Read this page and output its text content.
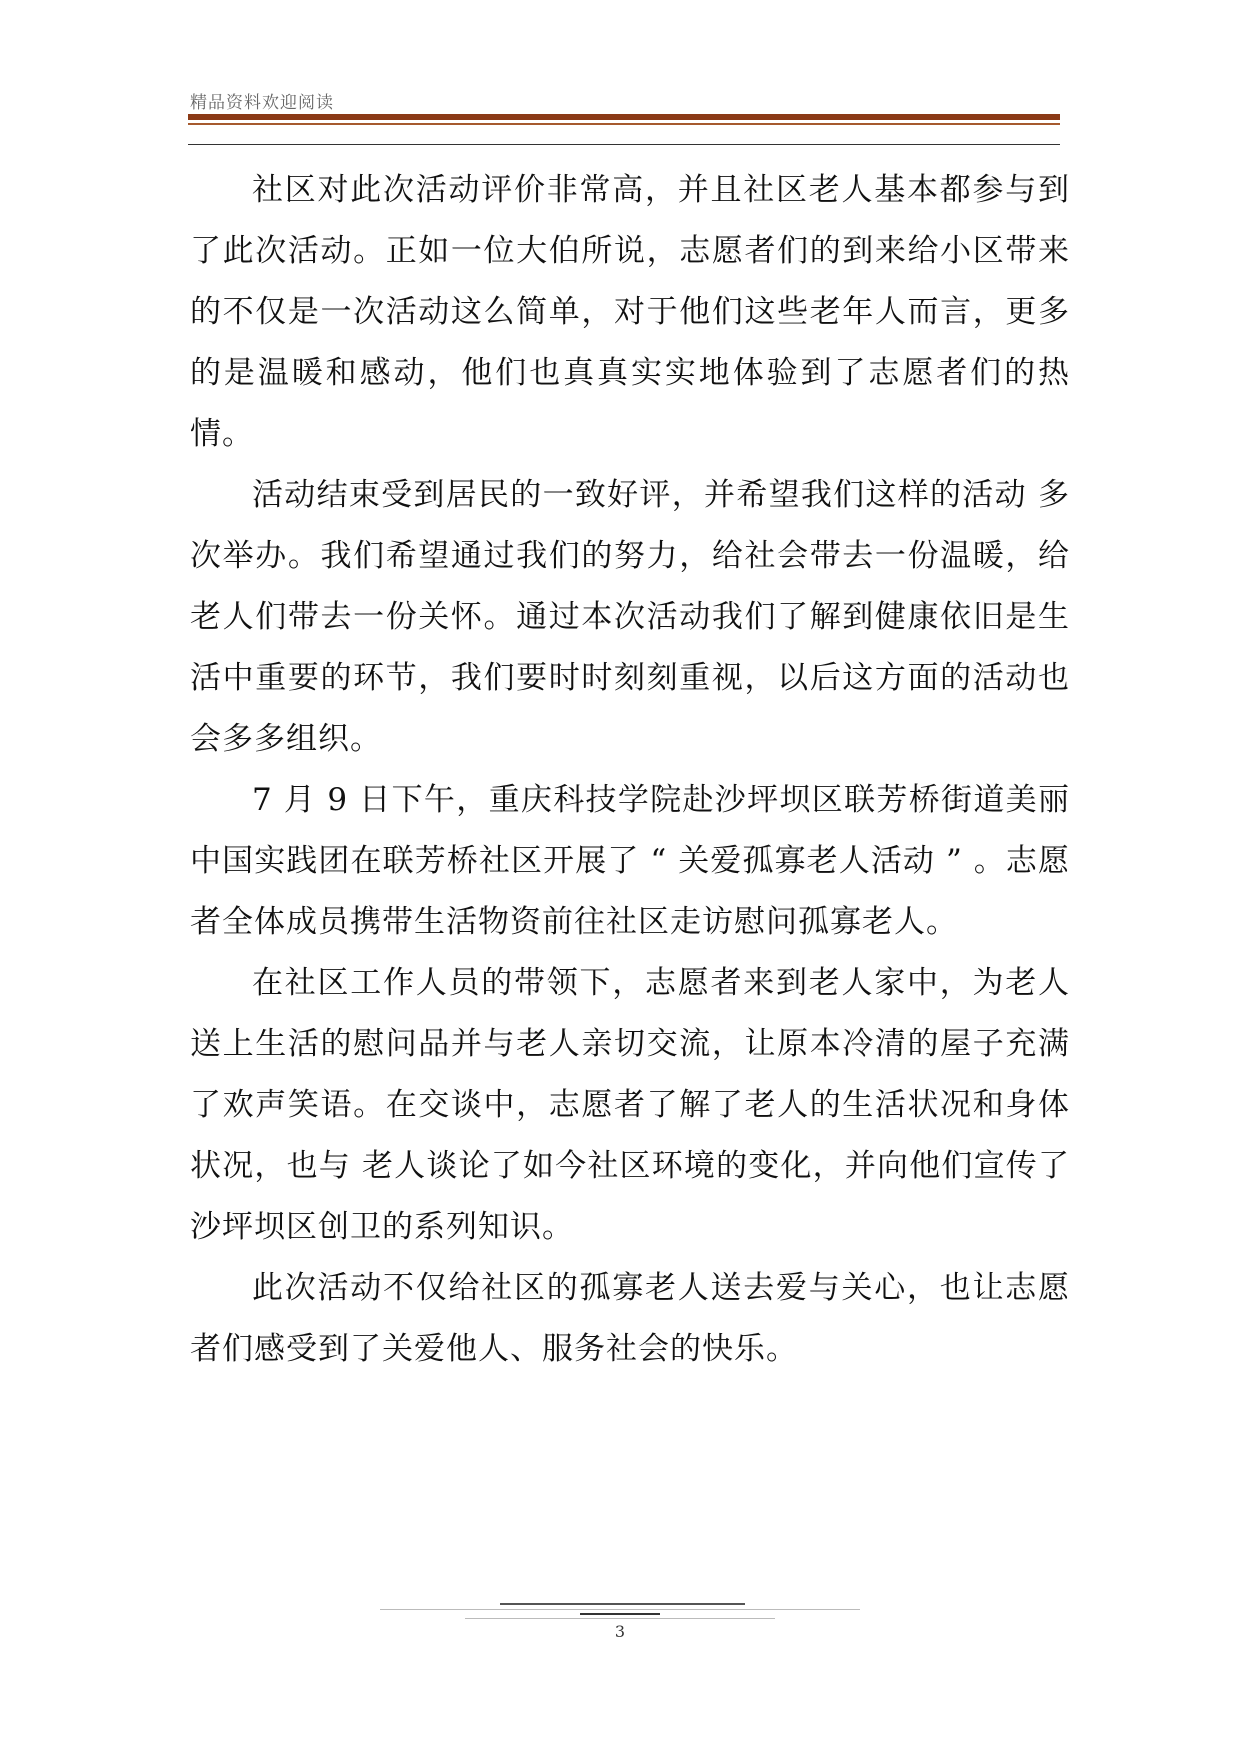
精品资料欢迎阅读

社区对此次活动评价非常高，并且社区老人基本都参与到了此次活动。正如一位大伯所说，志愿者们的到来给小区带来的不仅是一次活动这么简单，对于他们这些老年人而言，更多的是温暖和感动，他们也真真实实地体验到了志愿者们的热情。

活动结束受到居民的一致好评，并希望我们这样的活动 多次举办。我们希望通过我们的努力，给社会带去一份温暖，给老人们带去一份关怀。通过本次活动我们了解到健康依旧是生活中重要的环节，我们要时时刻刻重视，以后这方面的活动也会多多组织。

7 月 9 日下午，重庆科技学院赴沙坪坝区联芳桥街道美丽中国实践团在联芳桥社区开展了 “ 关爱孤寡老人活动 ” 。志愿者全体成员携带生活物资前往社区走访慰问孤寡老人。

在社区工作人员的带领下，志愿者来到老人家中，为老人送上生活的慰问品并与老人亲切交流，让原本冷清的屋子充满了欢声笑语。在交谈中，志愿者了解了老人的生活状况和身体状况，也与 老人谈论了如今社区环境的变化，并向他们宣传了沙坪坝区创卫的系列知识。

此次活动不仅给社区的孤寡老人送去爱与关心，也让志愿者们感受到了关爱他人、服务社会的快乐。

3
